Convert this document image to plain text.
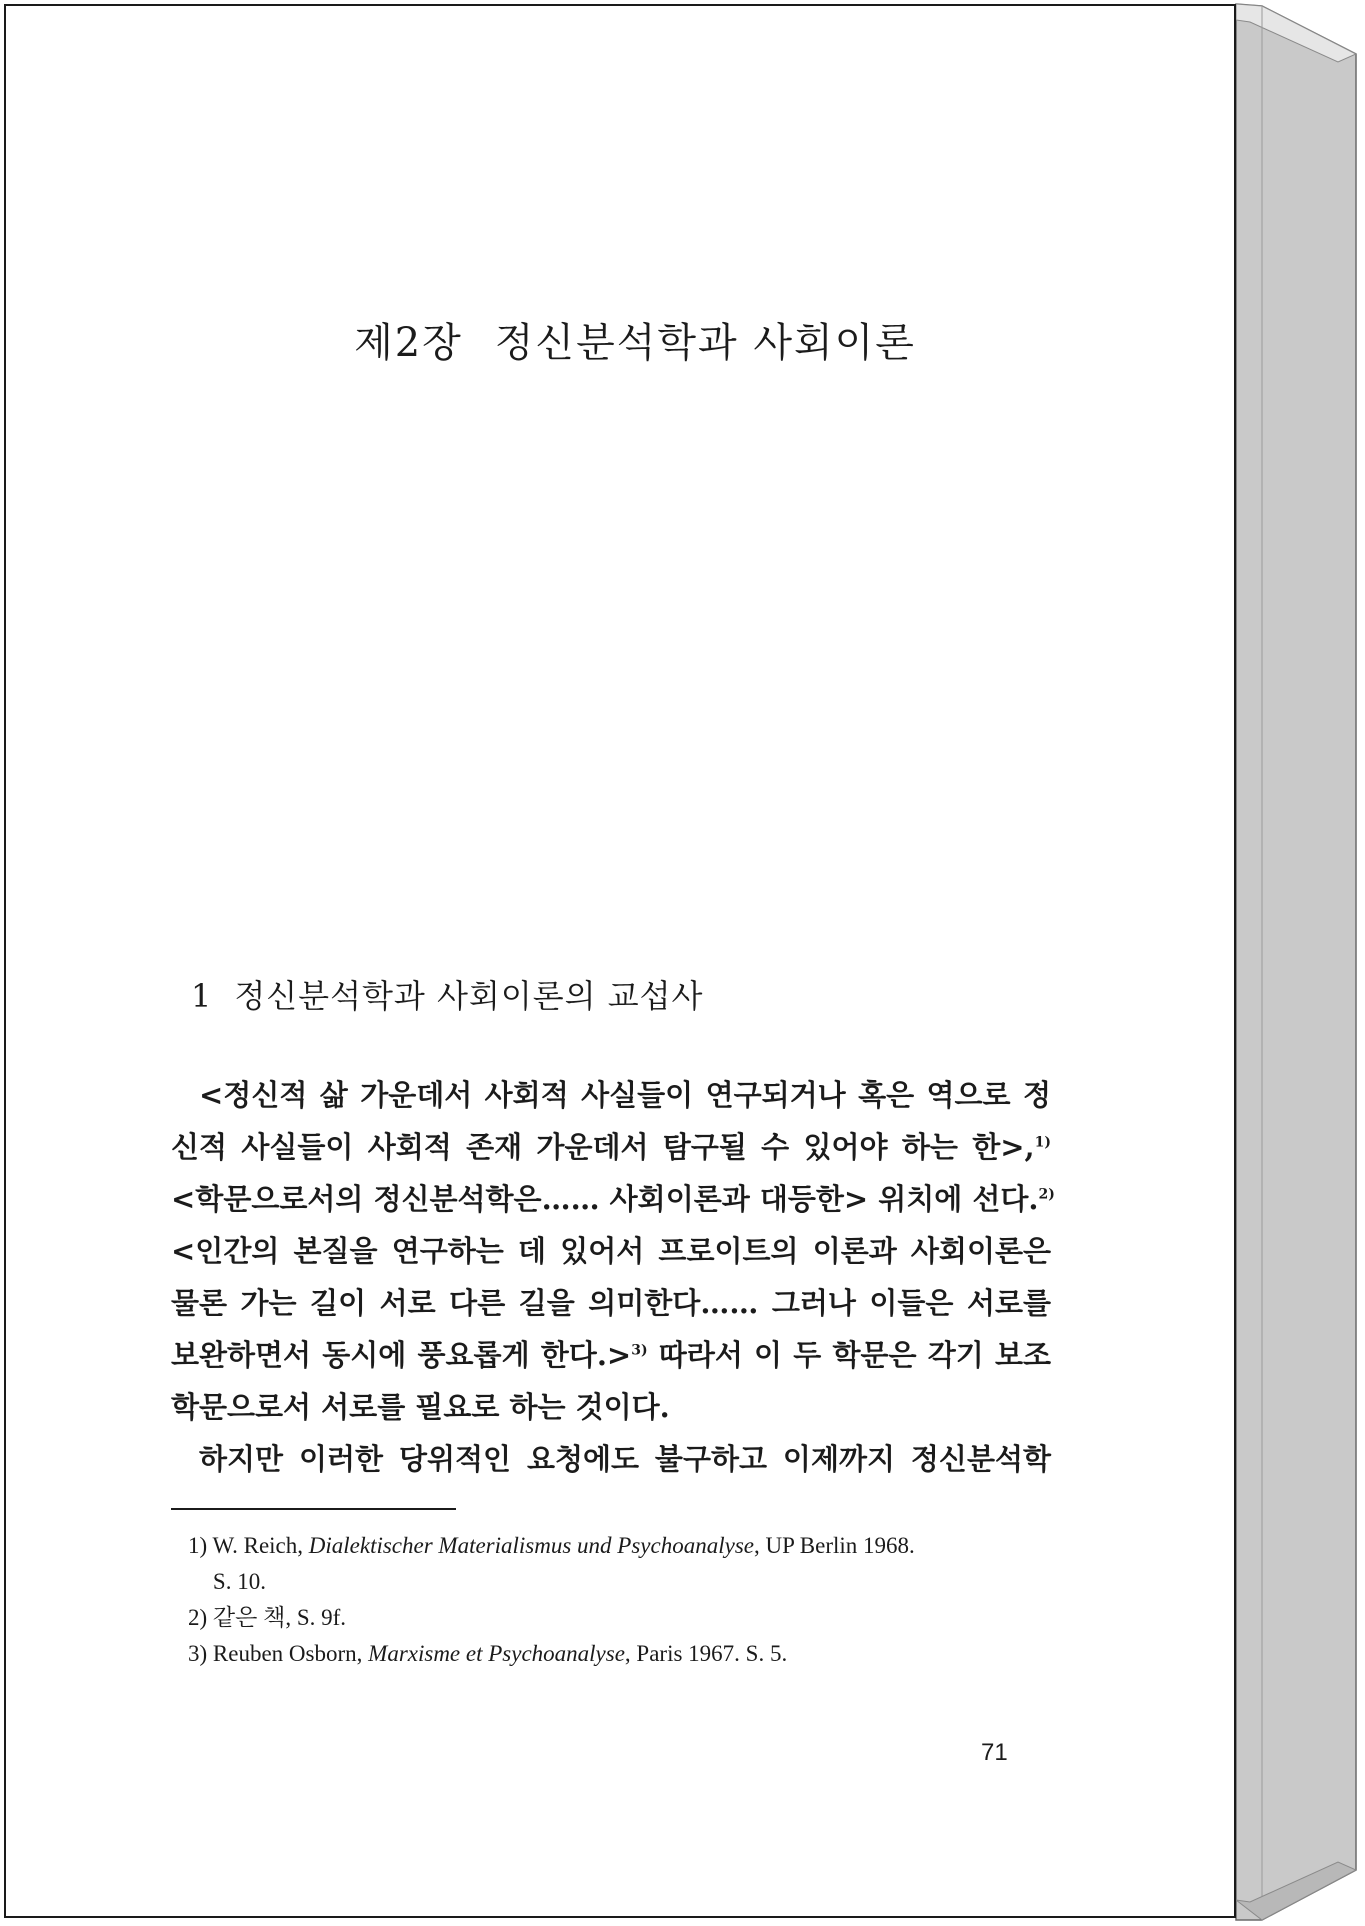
제2장 정신분석학과 사회이론
1 정신분석학과 사회이론의 교섭사
<정신적 삶 가운데서 사회적 사실들이 연구되거나 혹은 역으로 정
신적 사실들이 사회적 존재 가운데서 탐구될 수 있어야 하는 한>,$^{1)}$
<학문으로서의 정신분석학은…… 사회이론과 대등한> 위치에 선다.$^{2)}$
<인간의 본질을 연구하는 데 있어서 프로이트의 이론과 사회이론은
물론 가는 길이 서로 다른 길을 의미한다…… 그러나 이들은 서로를
보완하면서 동시에 풍요롭게 한다.>$^{3)}$ 따라서 이 두 학문은 각기 보조
학문으로서 서로를 필요로 하는 것이다.
하지만 이러한 당위적인 요청에도 불구하고 이제까지 정신분석학
1) W. Reich, Dialektischer Materialismus und Psychoanalyse, UP Berlin 1968.
S. 10.
2) 같은 책, S. 9f.
3) Reuben Osborn, Marxisme et Psychoanalyse, Paris 1967. S. 5.
71
